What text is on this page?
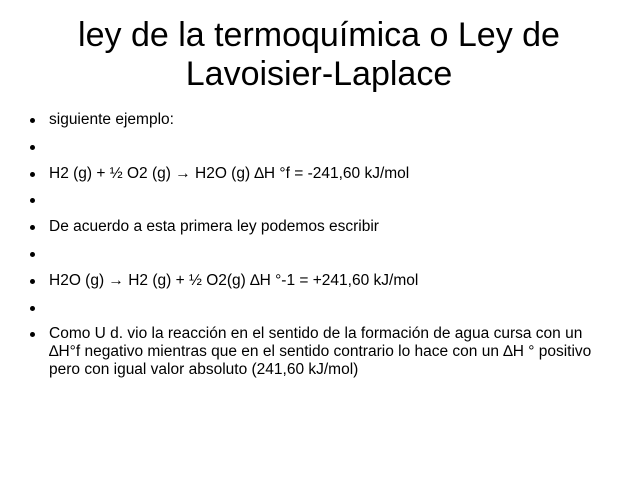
ley de la termoquímica o Ley de
Lavoisier-Laplace
siguiente ejemplo:
H2 (g) + ½ O2 (g) → H2O (g) ∆H °f = -241,60 kJ/mol
De acuerdo a esta primera ley podemos escribir
H2O (g) → H2 (g) + ½ O2(g) ∆H °-1 = +241,60 kJ/mol
Como U d. vio la reacción en el sentido de la formación de agua cursa con un ∆H°f negativo mientras que en el sentido contrario lo hace con un ∆H ° positivo pero con igual valor absoluto (241,60 kJ/mol)
